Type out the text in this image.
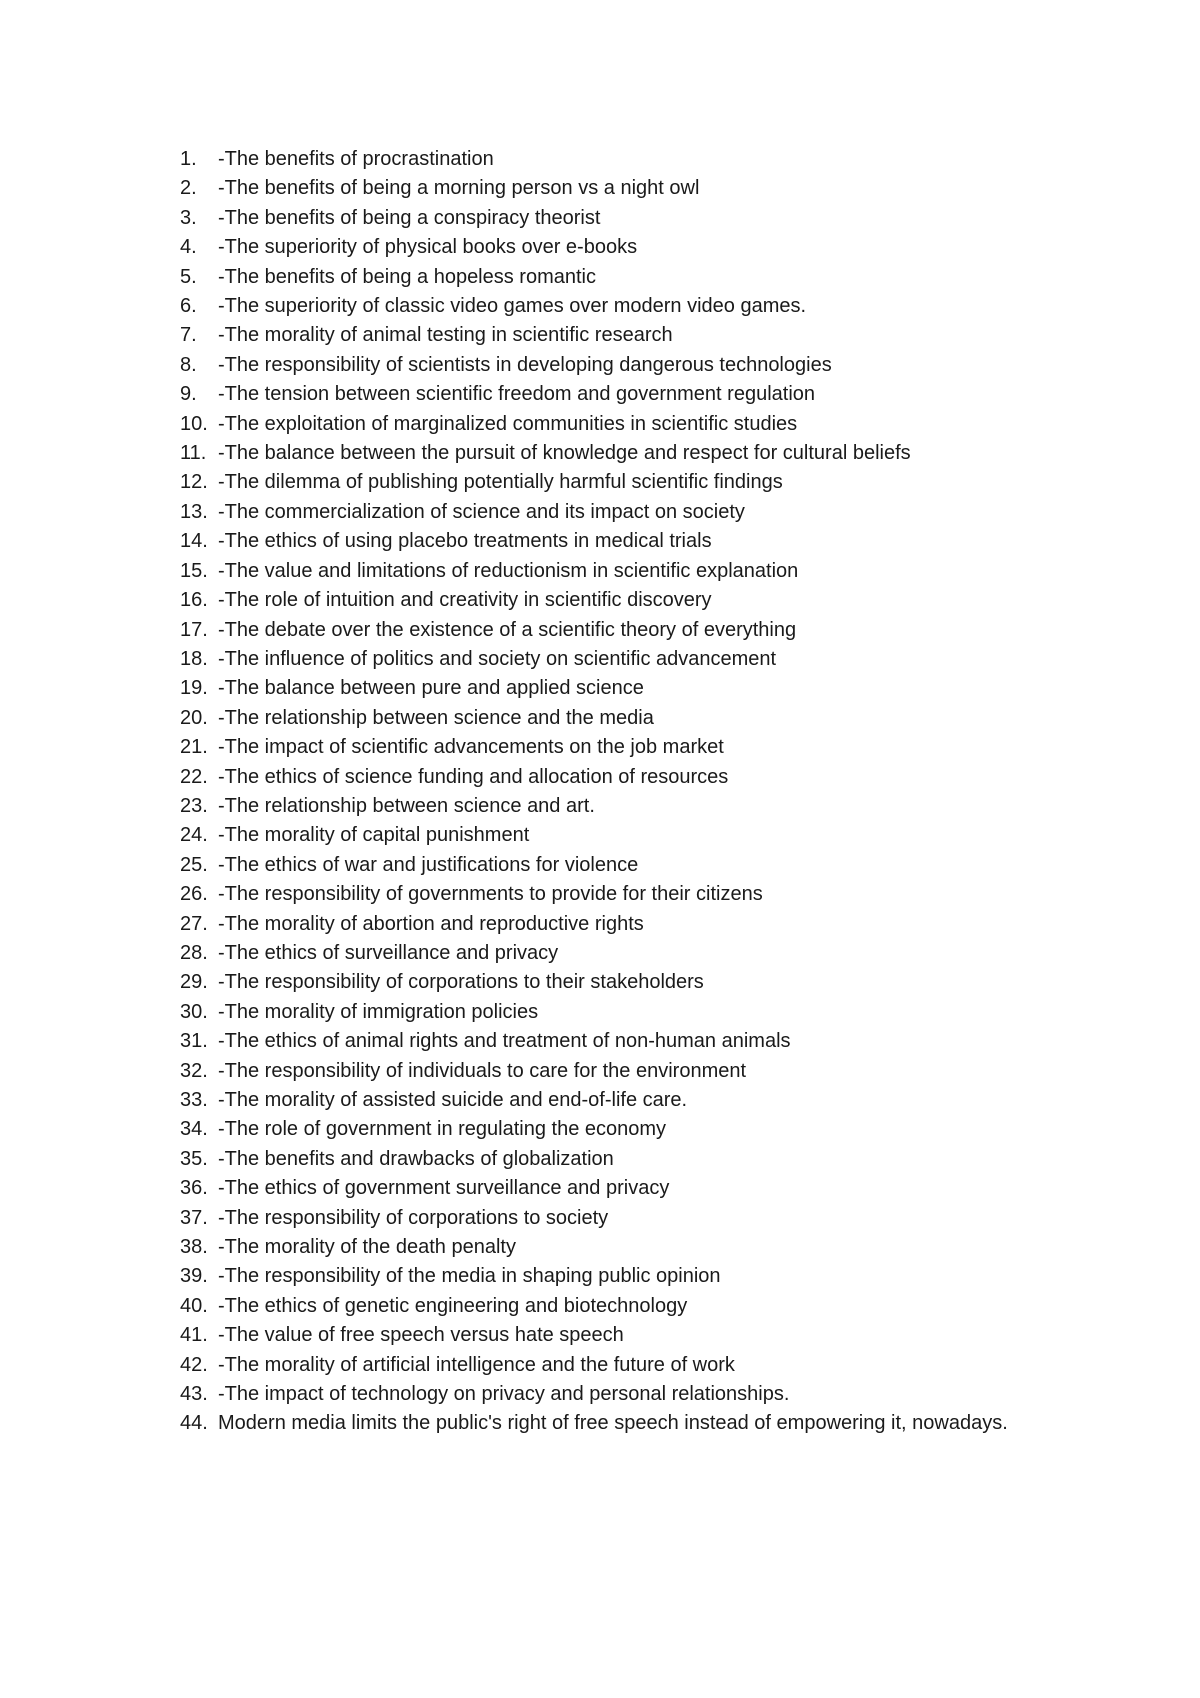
1.	-The benefits of procrastination
2.	-The benefits of being a morning person vs a night owl
3.	-The benefits of being a conspiracy theorist
4.	-The superiority of physical books over e-books
5.	-The benefits of being a hopeless romantic
6.	-The superiority of classic video games over modern video games.
7.	-The morality of animal testing in scientific research
8.	-The responsibility of scientists in developing dangerous technologies
9.	-The tension between scientific freedom and government regulation
10. -The exploitation of marginalized communities in scientific studies
11. -The balance between the pursuit of knowledge and respect for cultural beliefs
12. -The dilemma of publishing potentially harmful scientific findings
13. -The commercialization of science and its impact on society
14. -The ethics of using placebo treatments in medical trials
15. -The value and limitations of reductionism in scientific explanation
16. -The role of intuition and creativity in scientific discovery
17. -The debate over the existence of a scientific theory of everything
18. -The influence of politics and society on scientific advancement
19. -The balance between pure and applied science
20. -The relationship between science and the media
21. -The impact of scientific advancements on the job market
22. -The ethics of science funding and allocation of resources
23. -The relationship between science and art.
24. -The morality of capital punishment
25. -The ethics of war and justifications for violence
26. -The responsibility of governments to provide for their citizens
27. -The morality of abortion and reproductive rights
28. -The ethics of surveillance and privacy
29. -The responsibility of corporations to their stakeholders
30. -The morality of immigration policies
31. -The ethics of animal rights and treatment of non-human animals
32. -The responsibility of individuals to care for the environment
33. -The morality of assisted suicide and end-of-life care.
34. -The role of government in regulating the economy
35. -The benefits and drawbacks of globalization
36. -The ethics of government surveillance and privacy
37. -The responsibility of corporations to society
38. -The morality of the death penalty
39. -The responsibility of the media in shaping public opinion
40. -The ethics of genetic engineering and biotechnology
41. -The value of free speech versus hate speech
42. -The morality of artificial intelligence and the future of work
43. -The impact of technology on privacy and personal relationships.
44. Modern media limits the public's right of free speech instead of empowering it, nowadays.
